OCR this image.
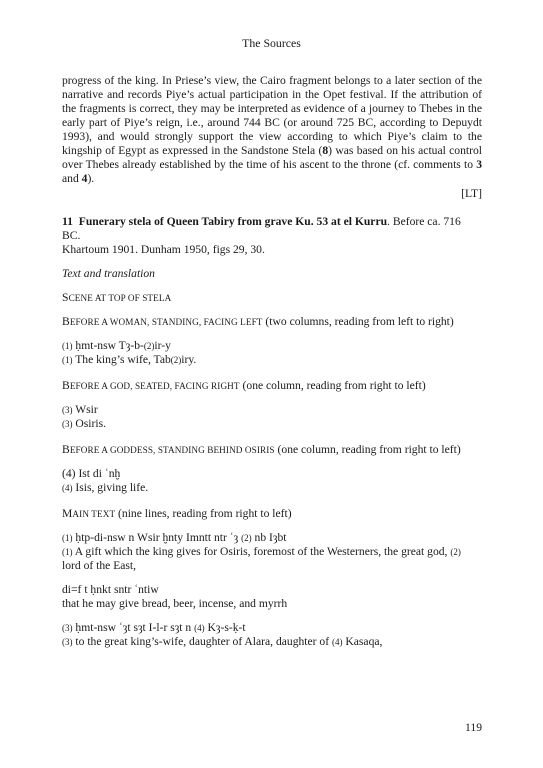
The Sources

progress of the king. In Priese’s view, the Cairo fragment belongs to a later section of the narrative and records Piye’s actual participation in the Opet festival. If the attribution of the fragments is correct, they may be interpreted as evidence of a journey to Thebes in the early part of Piye’s reign, i.e., around 744 BC (or around 725 BC, according to Depuydt 1993), and would strongly support the view according to which Piye’s claim to the kingship of Egypt as expressed in the Sandstone Stela (8) was based on his actual control over Thebes already established by the time of his ascent to the throne (cf. comments to 3 and 4).

[LT]

11 Funerary stela of Queen Tabiry from grave Ku. 53 at el Kurru. Before ca. 716 BC.

Khartoum 1901. Dunham 1950, figs 29, 30.

Text and translation

SCENE AT TOP OF STELA

BEFORE A WOMAN, STANDING, FACING LEFT (two columns, reading from left to right)

(1) ḥmt-nsw Tȝ-b-(2)ir-y

(1) The king’s wife, Tab(2)iry.

BEFORE A GOD, SEATED, FACING RIGHT (one column, reading from right to left)

(3) Wsir

(3) Osiris.

BEFORE A GODDESS, STANDING BEHIND OSIRIS (one column, reading from right to left)

(4) Ist di ʿnḫ

(4) Isis, giving life.

MAIN TEXT (nine lines, reading from right to left)

(1) ḥtp-di-nsw n Wsir ḫnty Imntt ntr ʿȝ (2) nb Iȝbt

(1) A gift which the king gives for Osiris, foremost of the Westerners, the great god, (2) lord of the East,

di=f t ḥnkt sntr ʿntiw

that he may give bread, beer, incense, and myrrh

(3) ḥmt-nsw ʿȝt sȝt I-l-r sȝt n (4) Kȝ-s-ḳ-t

(3) to the great king’s-wife, daughter of Alara, daughter of (4) Kasaqa,

119
